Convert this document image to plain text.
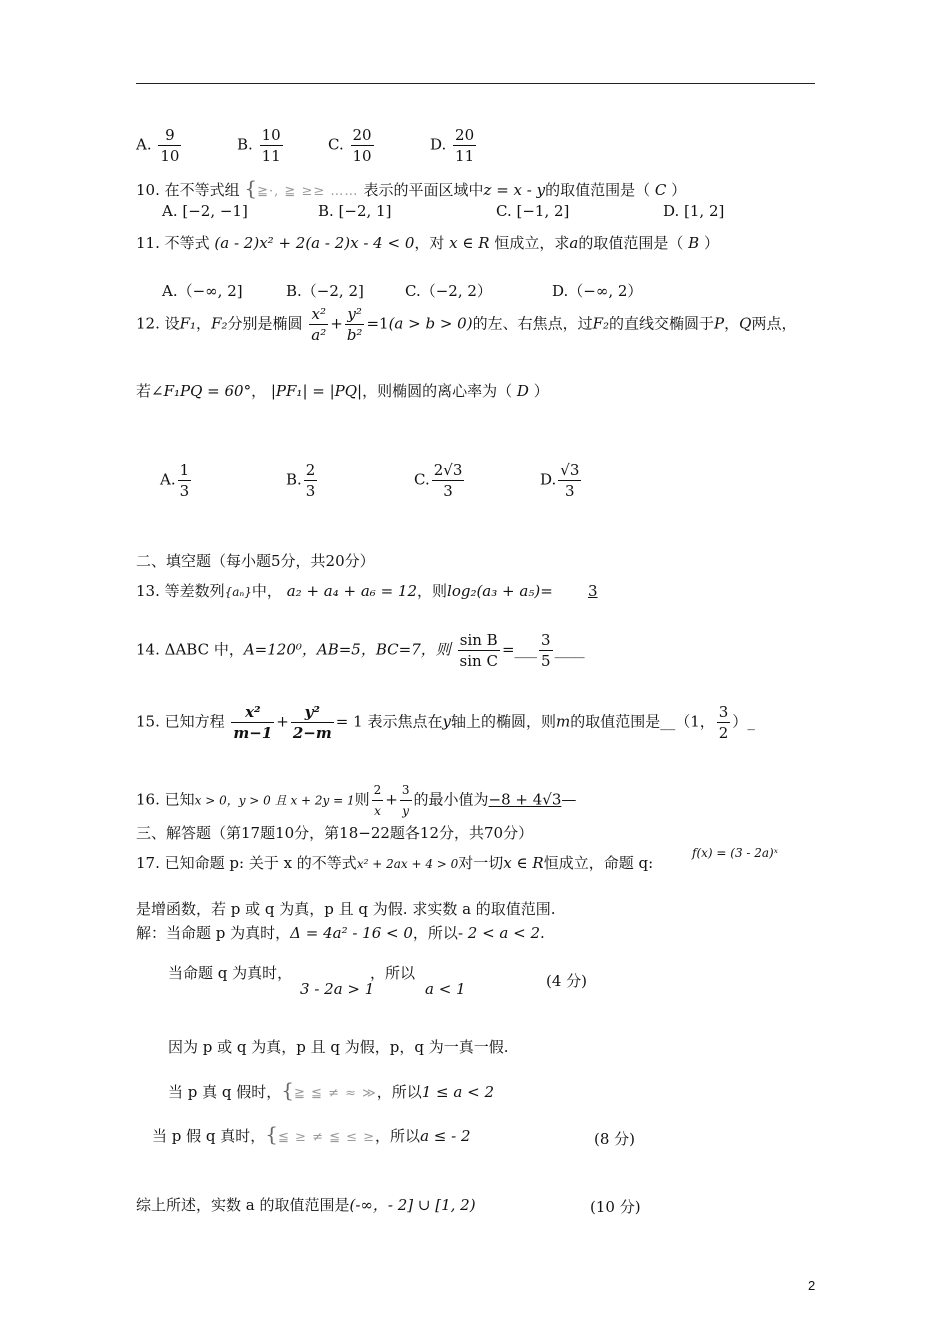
A. $\frac{9}{10}$	B. $\frac{10}{11}$	C. $\frac{20}{10}$	D. $\frac{20}{11}$
10. 在不等式组 {≧·, ≧ ≥≥ …… 表示的平面区域中z = x - y的取值范围是（ C ）
A. [−2, −1]	B. [−2, 1]	C. [−1, 2]	D. [1, 2]
11. 不等式 (a - 2)x² + 2(a - 2)x - 4 < 0，对 x ∈ R 恒成立，求a的取值范围是（ B ）
A.（−∞, 2]	B.（−2, 2]	C.（−2, 2）	D.（−∞, 2）
12. 设F₁，F₂分别是椭圆 $\frac{\text{x²}}{\text{a²}} + \frac{\text{y²}}{\text{b²}} =1(a > b > 0)$的左、右焦点，过F₂的直线交椭圆于P，Q两点，
若∠F₁PQ = 60°， |PF₁| = |PQ|，则椭圆的离心率为（ D ）
A. $\frac{1}{3}$	B. $\frac{2}{3}$	C. $\frac{2√3}{3}$	D. $\frac{√3}{3}$
二、填空题（每小题5分，共20分）
13. 等差数列{aₙ}中， a₂ + a₄ + a₆ = 12，则log₂(a₃ + a₅)= 3
14. ΔABC 中，A=120⁰，AB=5，BC=7，则 $\frac{\text{sin B}}{\text{sin C}}$ =___ $\frac{3}{5}$ ____
15. 已知方程 $\frac{\text{x²}}{m-1} + \frac{\text{y²}}{2-m} = 1$ 表示焦点在y轴上的椭圆，则m的取值范围是__（1， $\frac{3}{2}$ ）_
16. 已知x > 0，y > 0 且 x + 2y = 1则 $\frac{2}{x} + \frac{3}{y}$ 的最小值为−8 + 4√3—
三、解答题（第17题10分，第18−22题各12分，共70分）
17. 已知命题 p: 关于 x 的不等式x² + 2ax + 4 > 0对一切x ∈ R恒成立，命题 q:
f(x) = (3 - 2a)ˣ
是增函数，若 p 或 q 为真，p 且 q 为假. 求实数 a 的取值范围.
解：当命题 p 为真时，Δ = 4a² - 16 < 0，所以- 2 < a < 2.
当命题 q 为真时，
3 - 2a > 1
，所以
a < 1	(4 分)
因为 p 或 q 为真，p 且 q 为假，p，q 为一真一假.
当 p 真 q 假时，{≧ ≦ ≠ ≈ ≫，所以1 ≤ a < 2
当 p 假 q 真时，{≦ ≥ ≠ ≦ ≤ ≥，所以a ≤ - 2	(8 分)
综上所述，实数 a 的取值范围是(-∞，- 2] ∪ [1, 2)	(10 分)
2
